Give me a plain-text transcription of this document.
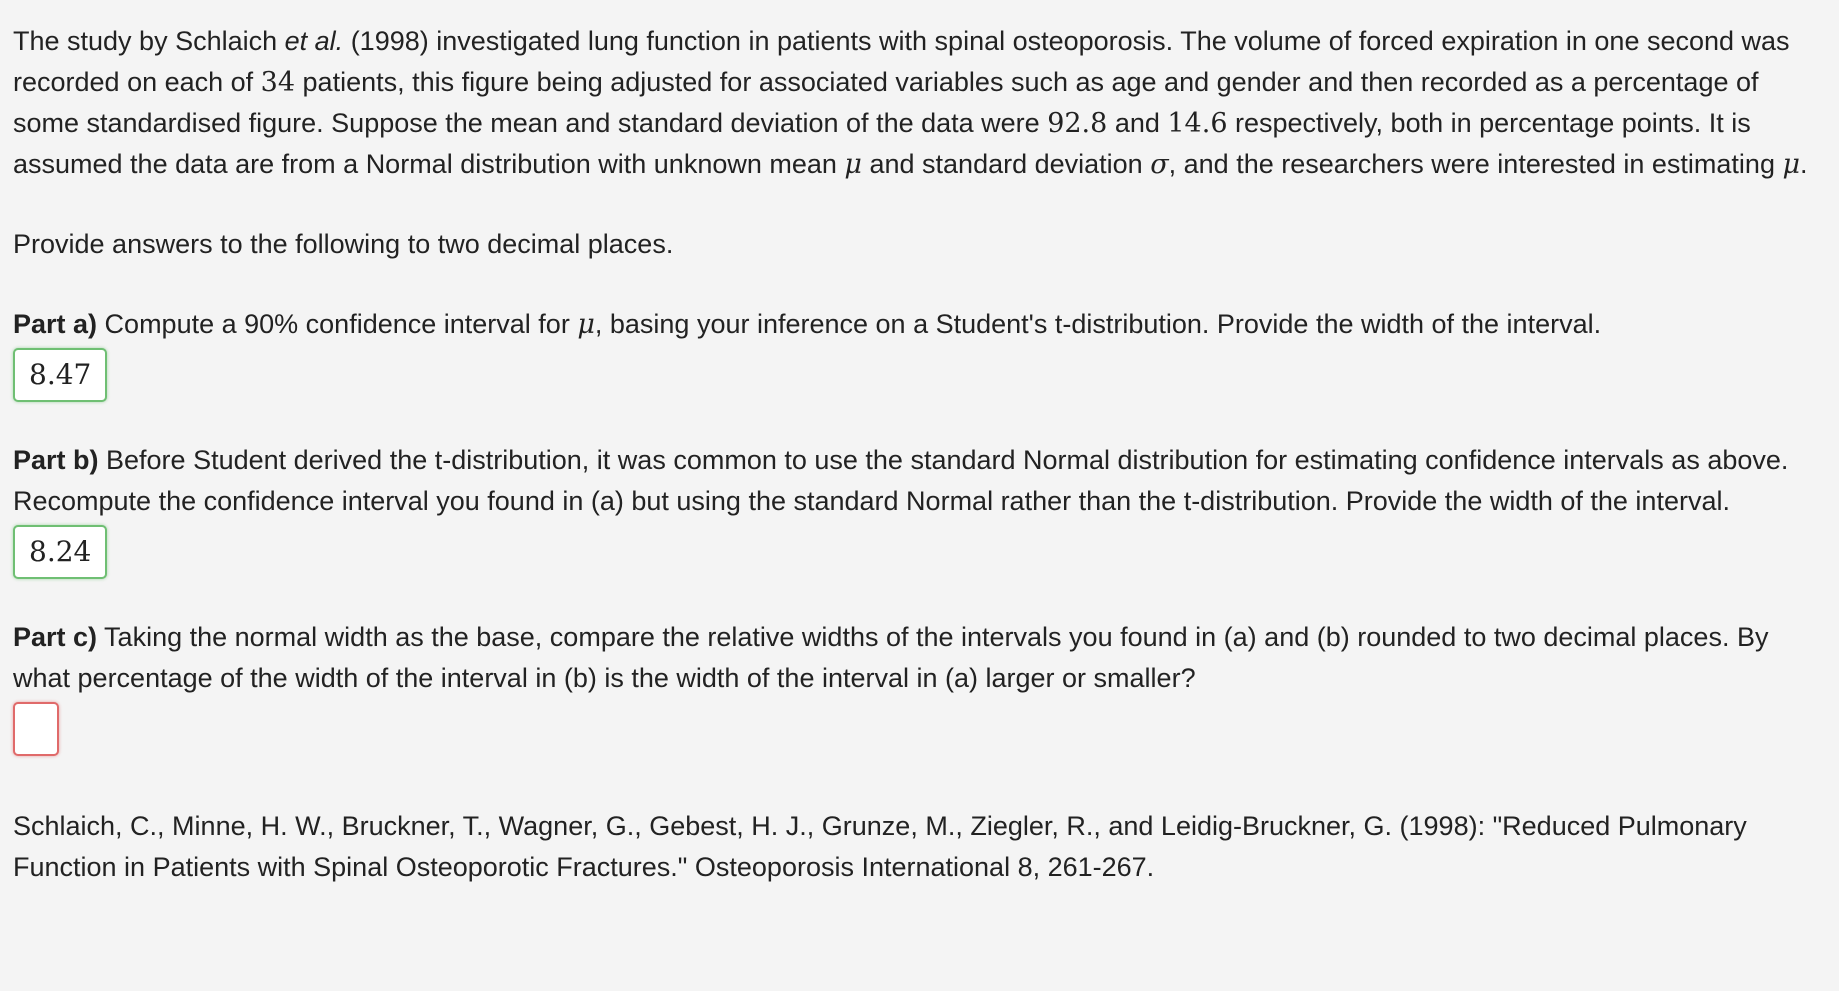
The study by Schlaich et al. (1998) investigated lung function in patients with spinal osteoporosis. The volume of forced expiration in one second was recorded on each of 34 patients, this figure being adjusted for associated variables such as age and gender and then recorded as a percentage of some standardised figure. Suppose the mean and standard deviation of the data were 92.8 and 14.6 respectively, both in percentage points. It is assumed the data are from a Normal distribution with unknown mean μ and standard deviation σ, and the researchers were interested in estimating μ.

Provide answers to the following to two decimal places.

Part a) Compute a 90% confidence interval for μ, basing your inference on a Student's t-distribution. Provide the width of the interval.

8.47

Part b) Before Student derived the t-distribution, it was common to use the standard Normal distribution for estimating confidence intervals as above. Recompute the confidence interval you found in (a) but using the standard Normal rather than the t-distribution. Provide the width of the interval.

8.24

Part c) Taking the normal width as the base, compare the relative widths of the intervals you found in (a) and (b) rounded to two decimal places. By what percentage of the width of the interval in (b) is the width of the interval in (a) larger or smaller?

Schlaich, C., Minne, H. W., Bruckner, T., Wagner, G., Gebest, H. J., Grunze, M., Ziegler, R., and Leidig-Bruckner, G. (1998): "Reduced Pulmonary Function in Patients with Spinal Osteoporotic Fractures." Osteoporosis International 8, 261-267.
